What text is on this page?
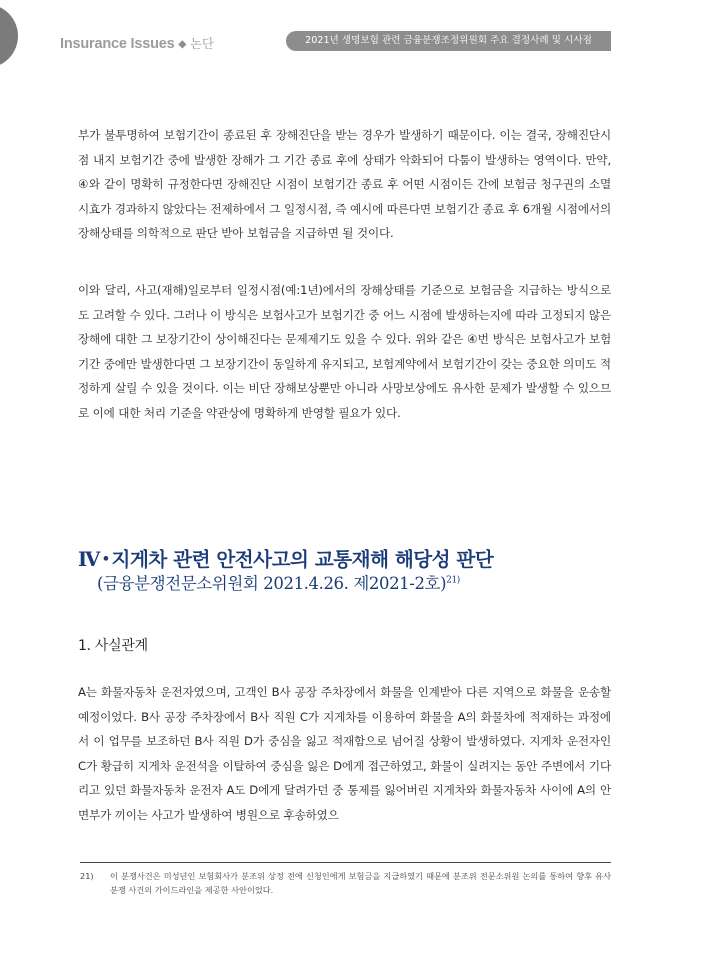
Insurance Issues ◆ 논단	2021년 생명보험 관련 금융분쟁조정위원회 주요 결정사례 및 시사점
부가 불투명하여 보험기간이 종료된 후 장해진단을 받는 경우가 발생하기 때문이다. 이는 결국, 장해진단시점 내지 보험기간 중에 발생한 장해가 그 기간 종료 후에 상태가 악화되어 다툼이 발생하는 영역이다. 만약, ④와 같이 명확히 규정한다면 장해진단 시점이 보험기간 종료 후 어떤 시점이든 간에 보험금 청구권의 소멸시효가 경과하지 않았다는 전제하에서 그 일정시점, 즉 예시에 따른다면 보험기간 종료 후 6개월 시점에서의 장해상태를 의학적으로 판단 받아 보험금을 지급하면 될 것이다.
이와 달리, 사고(재해)일로부터 일정시점(예:1년)에서의 장해상태를 기준으로 보험금을 지급하는 방식으로도 고려할 수 있다. 그러나 이 방식은 보험사고가 보험기간 중 어느 시점에 발생하는지에 따라 고정되지 않은 장해에 대한 그 보장기간이 상이해진다는 문제제기도 있을 수 있다. 위와 같은 ④번 방식은 보험사고가 보험기간 중에만 발생한다면 그 보장기간이 동일하게 유지되고, 보험계약에서 보험기간이 갖는 중요한 의미도 적정하게 살릴 수 있을 것이다. 이는 비단 장해보상뿐만 아니라 사망보상에도 유사한 문제가 발생할 수 있으므로 이에 대한 처리 기준을 약관상에 명확하게 반영할 필요가 있다.
Ⅳ • 지게차 관련 안전사고의 교통재해 해당성 판단
(금융분쟁전문소위원회 2021.4.26. 제2021-2호)$^{21)}$
1. 사실관계
A는 화물자동차 운전자였으며, 고객인 B사 공장 주차장에서 화물을 인계받아 다른 지역으로 화물을 운송할 예정이었다. B사 공장 주차장에서 B사 직원 C가 지게차를 이용하여 화물을 A의 화물차에 적재하는 과정에서 이 업무를 보조하던 B사 직원 D가 중심을 잃고 적재함으로 넘어질 상황이 발생하였다. 지게차 운전자인 C가 황급히 지게차 운전석을 이탈하여 중심을 잃은 D에게 접근하였고, 화물이 실려지는 동안 주변에서 기다리고 있던 화물자동차 운전자 A도 D에게 달려가던 중 통제를 잃어버린 지게차와 화물자동차 사이에 A의 안면부가 끼이는 사고가 발생하여 병원으로 후송하였으
21)	이 분쟁사건은 미성년인 보험회사가 분조위 상정 전에 신청인에게 보험금을 지급하였기 때문에 분조위 전문소위원 논의를 통하여 향후 유사 분쟁 사건의 가이드라인을 제공한 사안이었다.
